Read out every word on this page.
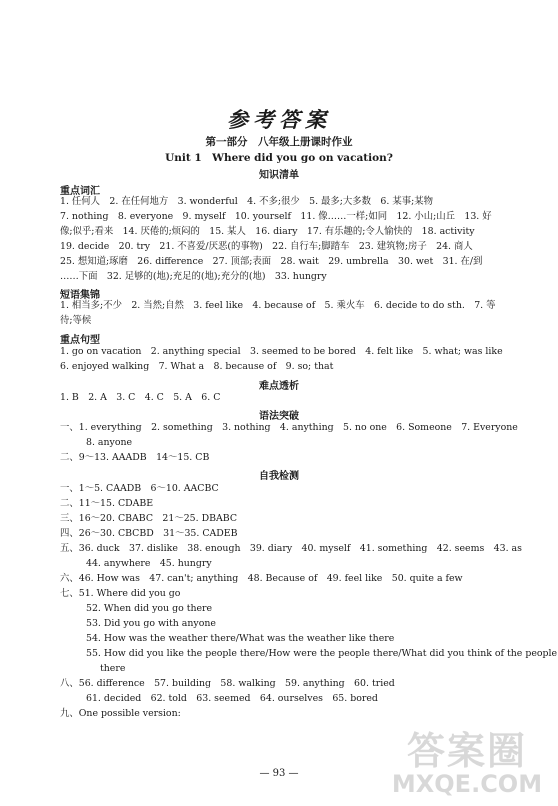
参考答案
第一部分　八年级上册课时作业
Unit 1　Where did you go on vacation?
知识清单
重点词汇
1. 任何人　2. 在任何地方　3. wonderful　4. 不多;很少　5. 最多;大多数　6. 某事;某物
7. nothing　8. everyone　9. myself　10. yourself　11. 像……一样;如同　12. 小山;山丘　13. 好
像;似乎;看来　14. 厌倦的;烦闷的　15. 某人　16. diary　17. 有乐趣的;令人愉快的　18. activity
19. decide　20. try　21. 不喜爱/厌恶(的事物)　22. 自行车;脚踏车　23. 建筑物;房子　24. 商人
25. 想知道;琢磨　26. difference　27. 顶部;表面　28. wait　29. umbrella　30. wet　31. 在/到
……下面　32. 足够的(地);充足的(地);充分的(地)　33. hungry
短语集锦
1. 相当多;不少　2. 当然;自然　3. feel like　4. because of　5. 乘火车　6. decide to do sth.　7. 等
待;等候
重点句型
1. go on vacation　2. anything special　3. seemed to be bored　4. felt like　5. what; was like
6. enjoyed walking　7. What a　8. because of　9. so; that
难点透析
1. B　2. A　3. C　4. C　5. A　6. C
语法突破
一、1. everything　2. something　3. nothing　4. anything　5. no one　6. Someone　7. Everyone
8. anyone
二、9～13. AAADB　14～15. CB
自我检测
一、1～5. CAADB　6～10. AACBC
二、11～15. CDABE
三、16～20. CBABC　21～25. DBABC
四、26～30. CBCBD　31～35. CADEB
五、36. duck　37. dislike　38. enough　39. diary　40. myself　41. something　42. seems　43. as
44. anywhere　45. hungry
六、46. How was　47. can't; anything　48. Because of　49. feel like　50. quite a few
七、51. Where did you go
52. When did you go there
53. Did you go with anyone
54. How was the weather there/What was the weather like there
55. How did you like the people there/How were the people there/What did you think of the people
there
八、56. difference　57. building　58. walking　59. anything　60. tried
61. decided　62. told　63. seemed　64. ourselves　65. bored
九、One possible version:
— 93 —
答案圈
MXQE.COM
